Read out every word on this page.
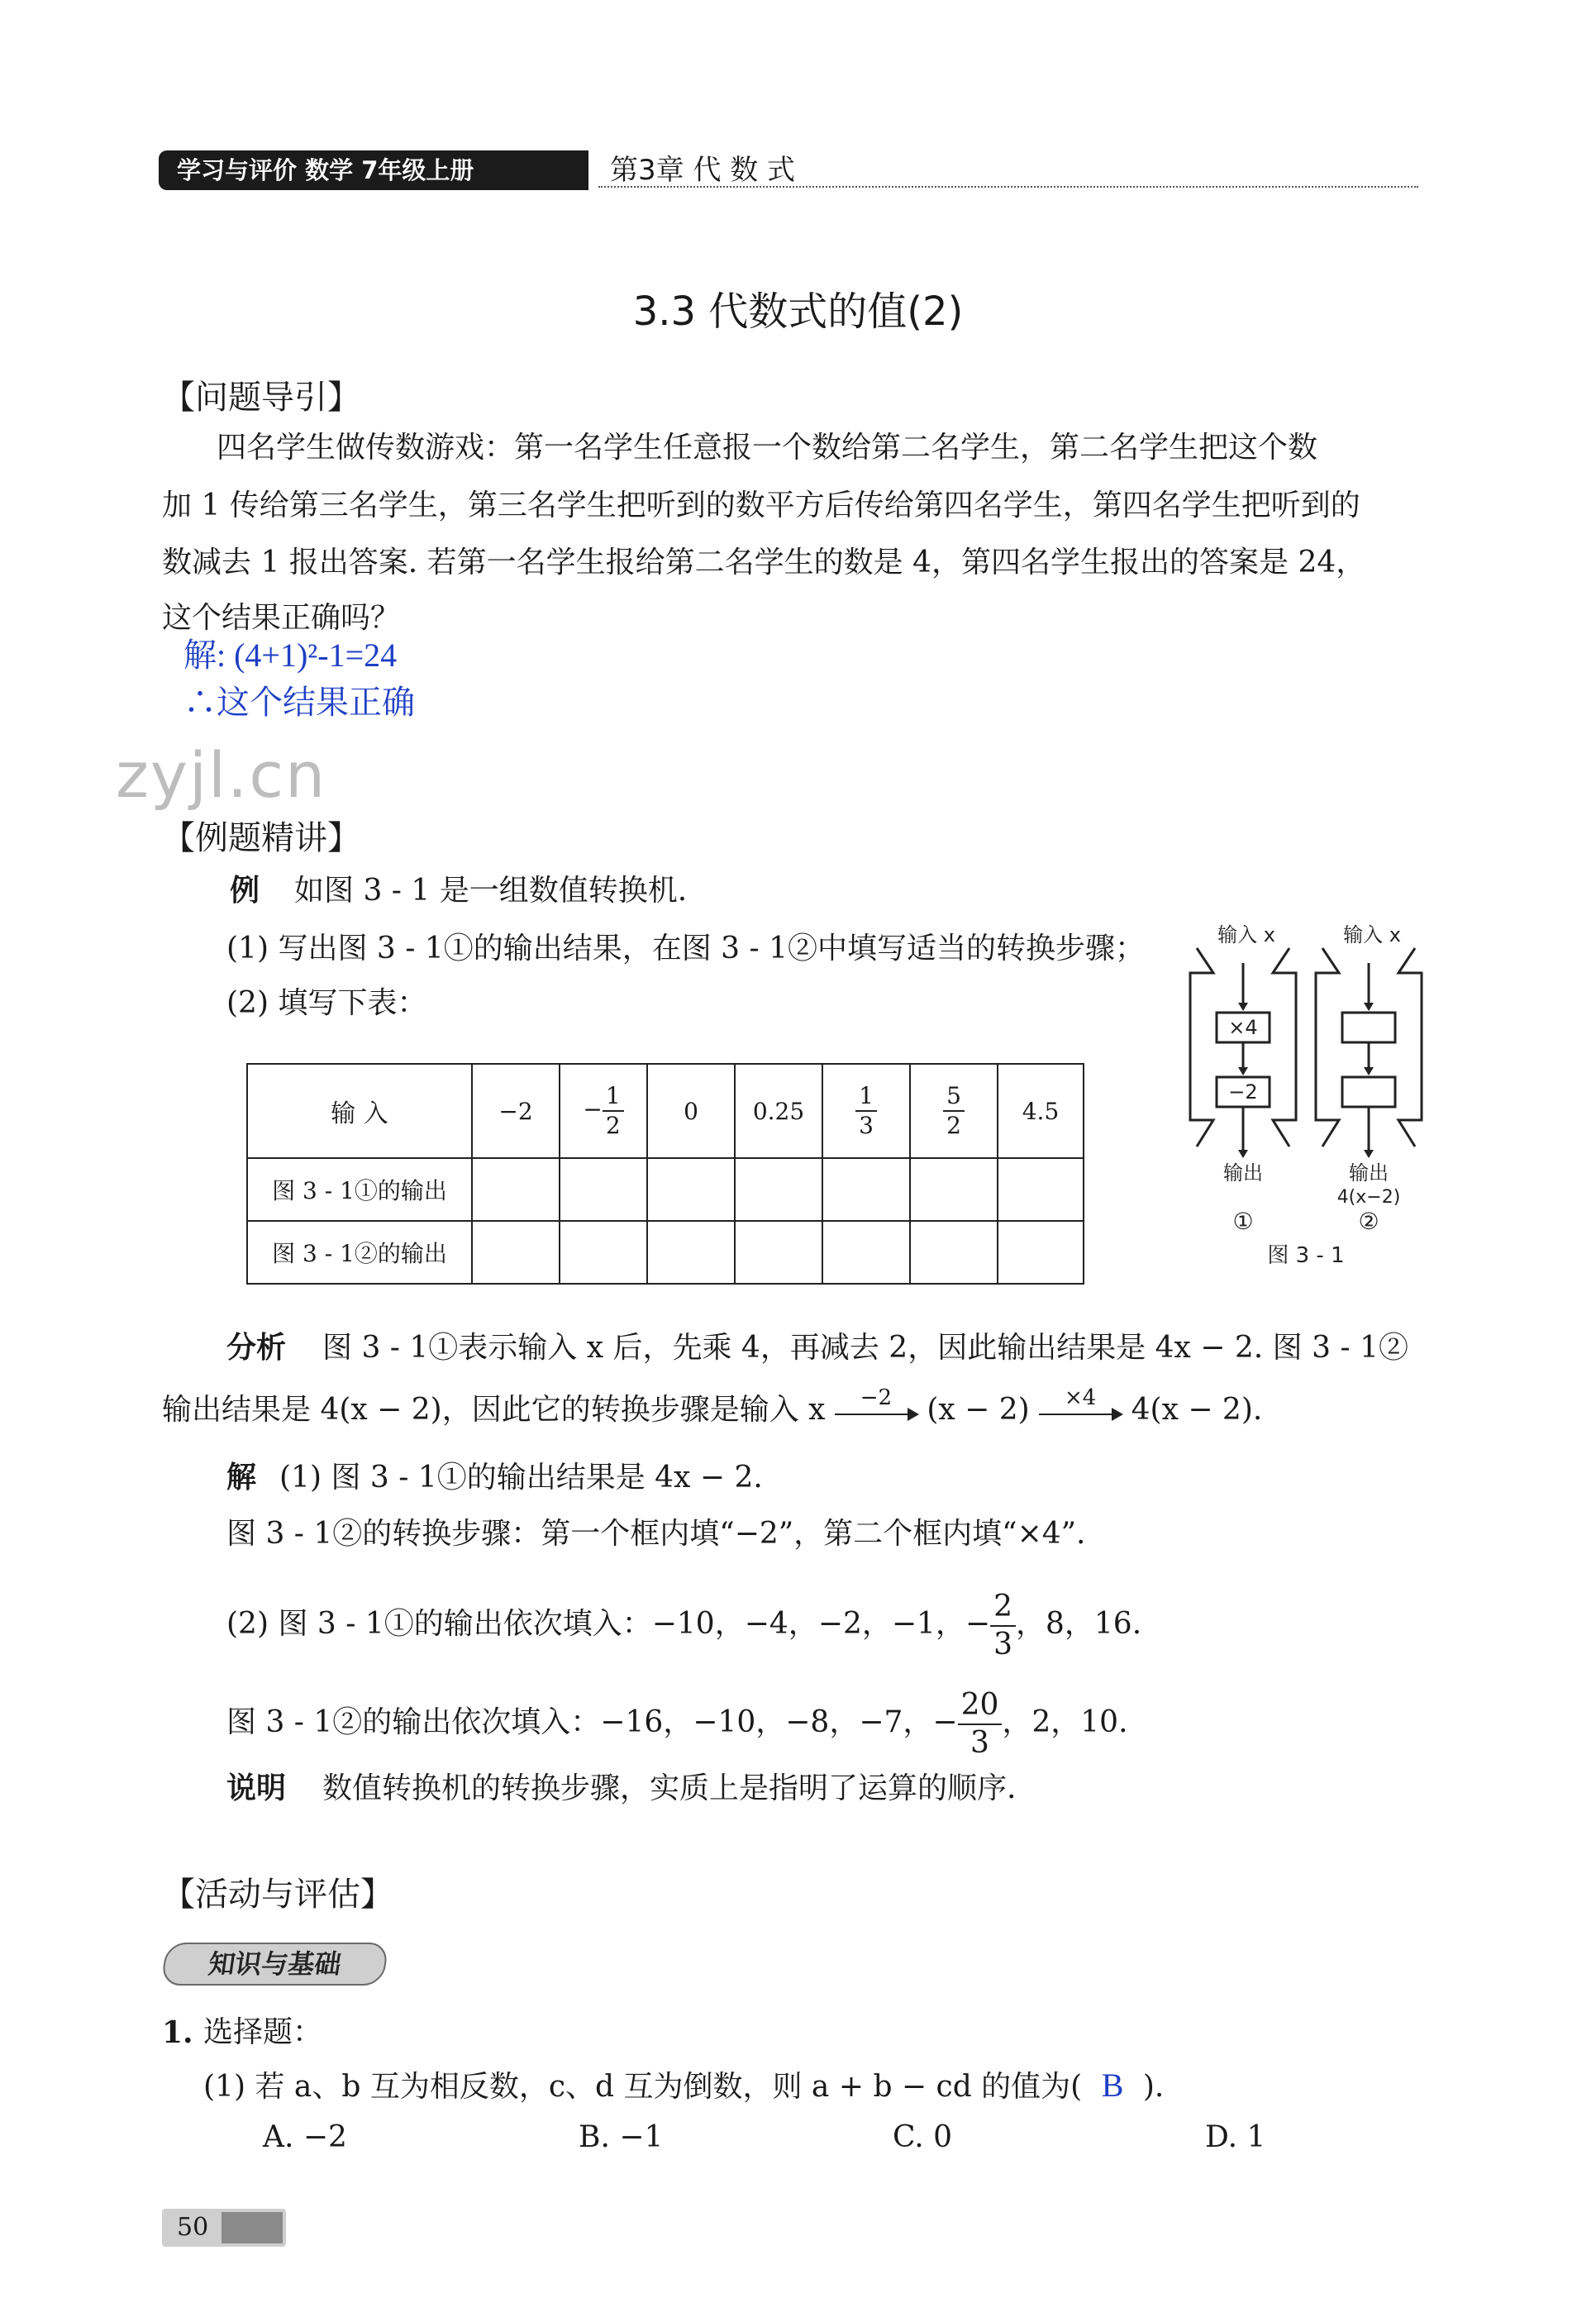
学习与评价 数学 7年级上册	第3章 代 数 式
3.3 代数式的值(2)
【问题导引】
四名学生做传数游戏：第一名学生任意报一个数给第二名学生，第二名学生把这个数
加 1 传给第三名学生，第三名学生把听到的数平方后传给第四名学生，第四名学生把听到的
数减去 1 报出答案. 若第一名学生报给第二名学生的数是 4，第四名学生报出的答案是 24，
这个结果正确吗？
解: (4+1)²-1=24
∴这个结果正确
zyjl.cn
【例题精讲】
例 如图 3 - 1 是一组数值转换机.
(1) 写出图 3 - 1①的输出结果，在图 3 - 1②中填写适当的转换步骤；
(2) 填写下表：
输 入	−2	− $\frac{1}{2}$	0	0.25	$\frac{1}{3}$	$\frac{5}{2}$	4.5
图 3 - 1①的输出							
图 3 - 1②的输出							
输入 x
×4
−2
输出
①
输入 x
输出
4(x−2)
②
图 3 - 1
分析 图 3 - 1①表示输入 x 后，先乘 4，再减去 2，因此输出结果是 4x − 2. 图 3 - 1②
输出结果是 4(x − 2)，因此它的转换步骤是输入 x −2 (x − 2) ×4 4(x − 2).
解 (1) 图 3 - 1①的输出结果是 4x − 2.
图 3 - 1②的转换步骤：第一个框内填“−2”，第二个框内填“×4”.
(2) 图 3 - 1①的输出依次填入：−10，−4，−2，−1，− $\frac{2}{3}$ ，8，16.
图 3 - 1②的输出依次填入：−16，−10，−8，−7，− $\frac{20}{3}$ ，2，10.
说明 数值转换机的转换步骤，实质上是指明了运算的顺序.
【活动与评估】
知识与基础
1. 选择题：
(1) 若 a、b 互为相反数，c、d 互为倒数，则 a + b − cd 的值为( B ).
A. −2	B. −1	C. 0	D. 1
50
